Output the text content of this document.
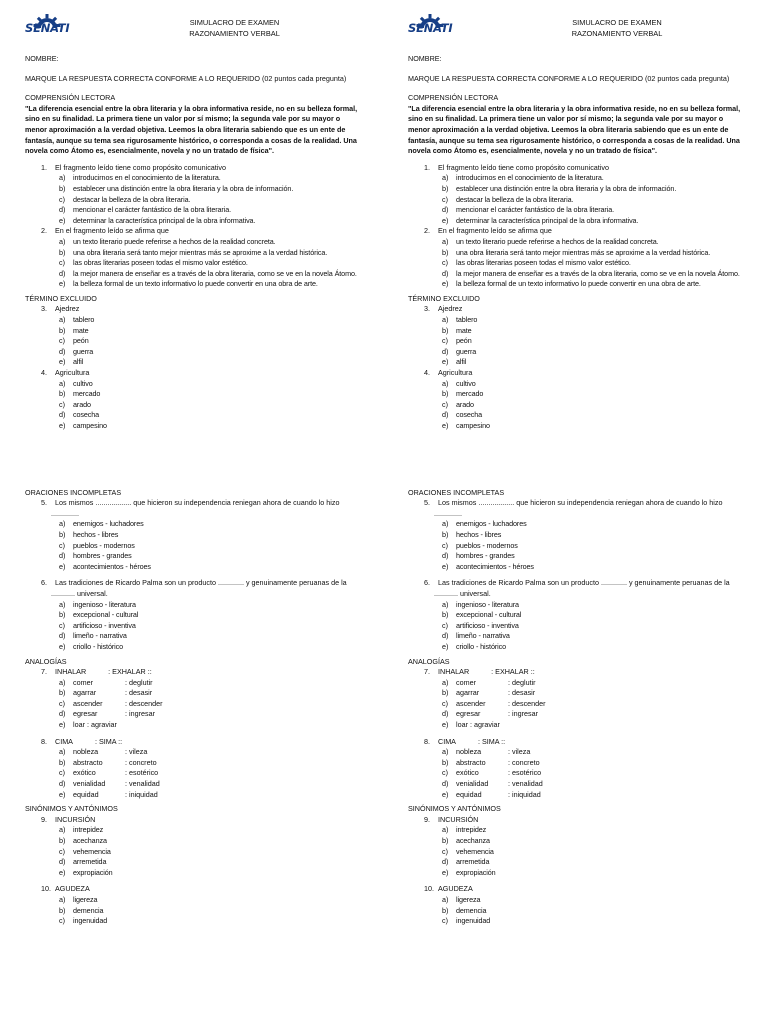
SENATI	SIMULACRO DE EXAMEN
RAZONAMIENTO VERBAL
NOMBRE:
MARQUE LA RESPUESTA CORRECTA CONFORME A LO REQUERIDO (02 puntos cada pregunta)
COMPRENSIÓN LECTORA
"La diferencia esencial entre la obra literaria y la obra informativa reside, no en su belleza formal, sino en su finalidad. La primera tiene un valor por sí mismo; la segunda vale por su mayor o menor aproximación a la verdad objetiva. Leemos la obra literaria sabiendo que es un ente de fantasía, aunque su tema sea rigurosamente histórico, o corresponda a cosas de la realidad. Una novela como Átomo es, esencialmente, novela y no un tratado de física".
1. El fragmento leído tiene como propósito comunicativo
a)	introducirnos en el conocimiento de la literatura.
b)	establecer una distinción entre la obra literaria y la obra de información.
c)	destacar la belleza de la obra literaria.
d)	mencionar el carácter fantástico de la obra literaria.
e)	determinar la característica principal de la obra informativa.
2. En el fragmento leído se afirma que
a)	un texto literario puede referirse a hechos de la realidad concreta.
b)	una obra literaria será tanto mejor mientras más se aproxime a la verdad histórica.
c)	las obras literarias poseen todas el mismo valor estético.
d)	la mejor manera de enseñar es a través de la obra literaria, como se ve en la novela Átomo.
e)	la belleza formal de un texto informativo lo puede convertir en una obra de arte.
TÉRMINO EXCLUIDO
3. Ajedrez
a)	tablero
b)	mate
c)	peón
d)	guerra
e)	alfil
4. Agricultura
a)	cultivo
b)	mercado
c)	arado
d)	cosecha
e)	campesino
ORACIONES INCOMPLETAS
5. Los mismos .................. que hicieron su independencia reniegan ahora de cuando lo hizo ..............
a)	enemigos - luchadores
b)	hechos - libres
c)	pueblos - modernos
d)	hombres - grandes
e)	acontecimientos - héroes
6. Las tradiciones de Ricardo Palma son un producto ............. y genuinamente peruanas de la ............ universal.
a)	ingenioso - literatura
b)	excepcional - cultural
c)	artificioso - inventiva
d)	limeño - narrativa
e)	criollo - histórico
ANALOGÍAS
7. INHALAR	: EXHALAR ::
a)	comer	: deglutir
b)	agarrar	: desasir
c)	ascender	: descender
d)	egresar	: ingresar
e)	loar : agraviar
8. CIMA	: SIMA ::
a)	nobleza	: vileza
b)	abstracto	: concreto
c)	exótico	: esotérico
d)	venialidad	: venalidad
e)	equidad	: iniquidad
SINÓNIMOS Y ANTÓNIMOS
9. INCURSIÓN
a)	intrepidez
b)	acechanza
c)	vehemencia
d)	arremetida
e)	expropiación
10. AGUDEZA
a)	ligereza
b)	demencia
c)	ingenuidad
SENATI	SIMULACRO DE EXAMEN
RAZONAMIENTO VERBAL
NOMBRE:
MARQUE LA RESPUESTA CORRECTA CONFORME A LO REQUERIDO (02 puntos cada pregunta)
COMPRENSIÓN LECTORA
"La diferencia esencial entre la obra literaria y la obra informativa reside, no en su belleza formal, sino en su finalidad. La primera tiene un valor por sí mismo; la segunda vale por su mayor o menor aproximación a la verdad objetiva. Leemos la obra literaria sabiendo que es un ente de fantasía, aunque su tema sea rigurosamente histórico, o corresponda a cosas de la realidad. Una novela como Átomo es, esencialmente, novela y no un tratado de física".
1. El fragmento leído tiene como propósito comunicativo
a)	introducirnos en el conocimiento de la literatura.
b)	establecer una distinción entre la obra literaria y la obra de información.
c)	destacar la belleza de la obra literaria.
d)	mencionar el carácter fantástico de la obra literaria.
e)	determinar la característica principal de la obra informativa.
2. En el fragmento leído se afirma que
a)	un texto literario puede referirse a hechos de la realidad concreta.
b)	una obra literaria será tanto mejor mientras más se aproxime a la verdad histórica.
c)	las obras literarias poseen todas el mismo valor estético.
d)	la mejor manera de enseñar es a través de la obra literaria, como se ve en la novela Átomo.
e)	la belleza formal de un texto informativo lo puede convertir en una obra de arte.
TÉRMINO EXCLUIDO
3. Ajedrez
a)	tablero
b)	mate
c)	peón
d)	guerra
e)	alfil
4. Agricultura
a)	cultivo
b)	mercado
c)	arado
d)	cosecha
e)	campesino
ORACIONES INCOMPLETAS
5. Los mismos .................. que hicieron su independencia reniegan ahora de cuando lo hizo ..............
a)	enemigos - luchadores
b)	hechos - libres
c)	pueblos - modernos
d)	hombres - grandes
e)	acontecimientos - héroes
6. Las tradiciones de Ricardo Palma son un producto ............. y genuinamente peruanas de la ............ universal.
a)	ingenioso - literatura
b)	excepcional - cultural
c)	artificioso - inventiva
d)	limeño - narrativa
e)	criollo - histórico
ANALOGÍAS
7. INHALAR	: EXHALAR ::
a)	comer	: deglutir
b)	agarrar	: desasir
c)	ascender	: descender
d)	egresar	: ingresar
e)	loar : agraviar
8. CIMA	: SIMA ::
a)	nobleza	: vileza
b)	abstracto	: concreto
c)	exótico	: esotérico
d)	venialidad	: venalidad
e)	equidad	: iniquidad
SINÓNIMOS Y ANTÓNIMOS
9. INCURSIÓN
a)	intrepidez
b)	acechanza
c)	vehemencia
d)	arremetida
e)	expropiación
10. AGUDEZA
a)	ligereza
b)	demencia
c)	ingenuidad
